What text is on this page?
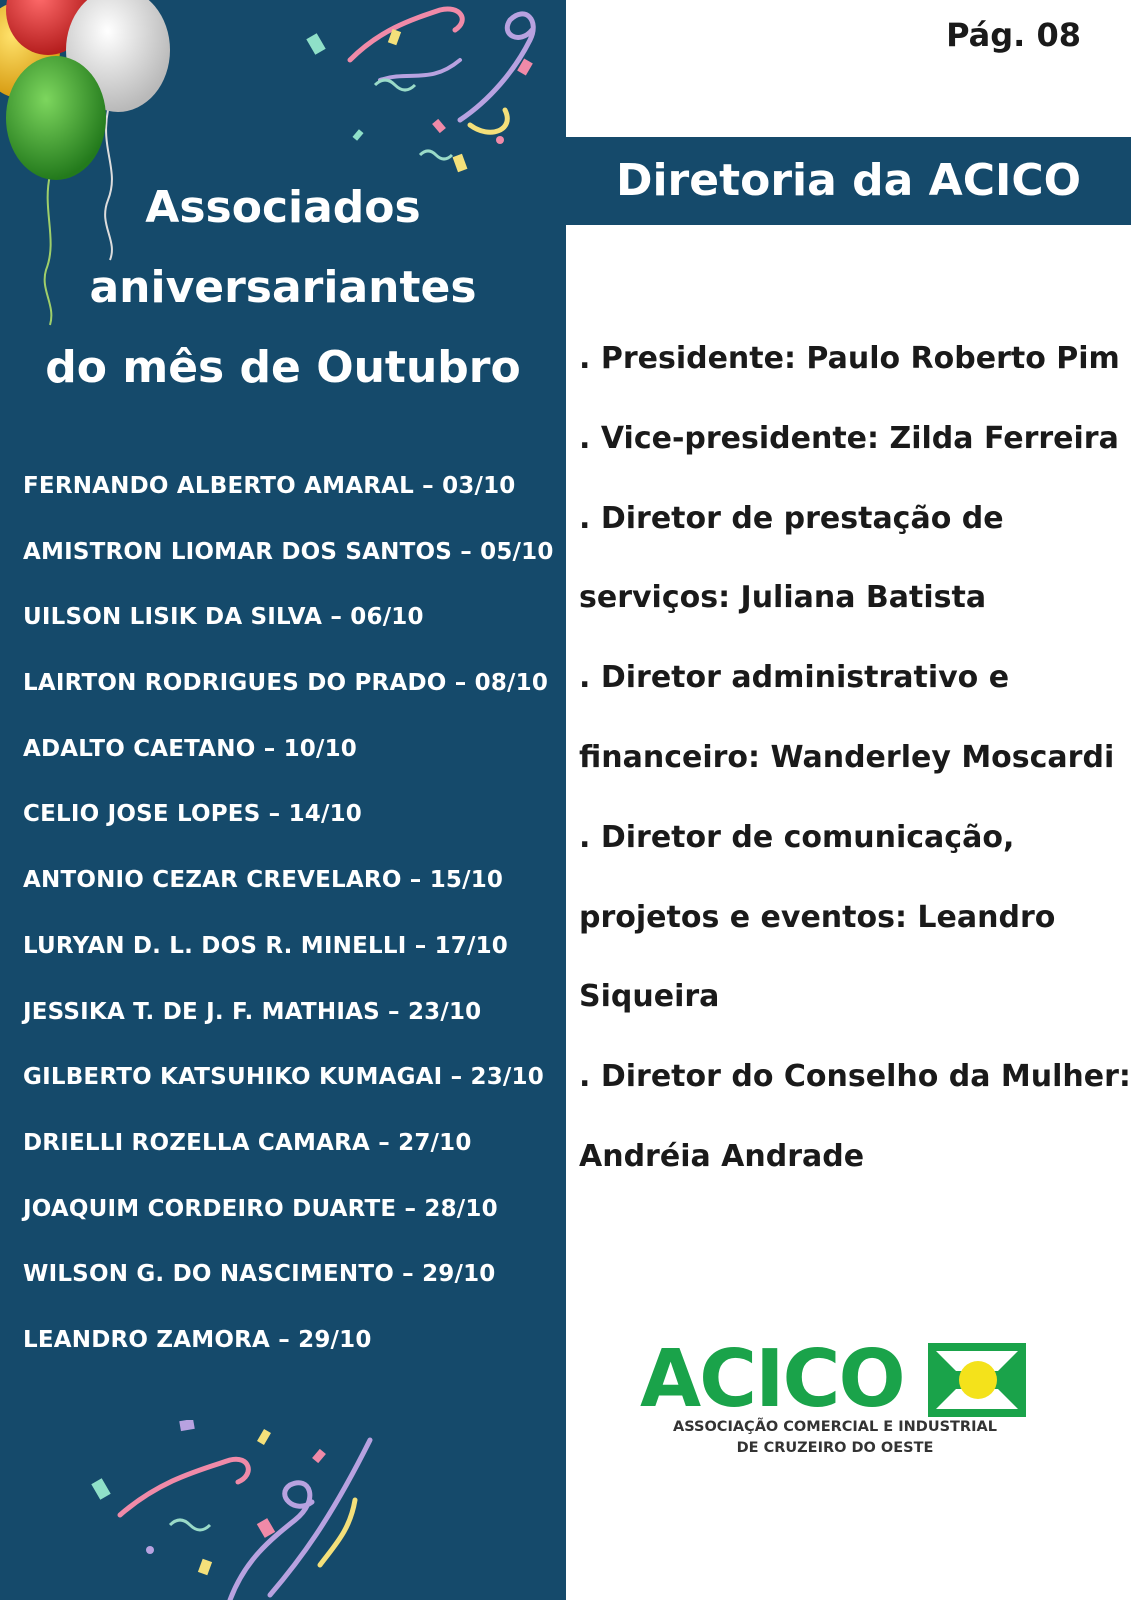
Associados
aniversariantes
do mês de Outubro
FERNANDO ALBERTO AMARAL – 03/10
AMISTRON LIOMAR DOS SANTOS – 05/10
UILSON LISIK DA SILVA – 06/10
LAIRTON RODRIGUES DO PRADO – 08/10
ADALTO CAETANO – 10/10
CELIO JOSE LOPES – 14/10
ANTONIO CEZAR CREVELARO – 15/10
LURYAN D. L. DOS R. MINELLI – 17/10
JESSIKA T. DE J. F. MATHIAS – 23/10
GILBERTO KATSUHIKO KUMAGAI – 23/10
DRIELLI ROZELLA CAMARA – 27/10
JOAQUIM CORDEIRO DUARTE – 28/10
WILSON G. DO NASCIMENTO – 29/10
LEANDRO ZAMORA – 29/10
Pág. 08
Diretoria da ACICO

. Presidente: Paulo Roberto Pim

. Vice-presidente: Zilda Ferreira

. Diretor de prestação de

serviços: Juliana Batista

. Diretor administrativo e

financeiro: Wanderley Moscardi

. Diretor de comunicação,

projetos e eventos: Leandro

Siqueira

. Diretor do Conselho da Mulher:

Andréia Andrade

ACICO
ASSOCIAÇÃO COMERCIAL E INDUSTRIAL
DE CRUZEIRO DO OESTE
